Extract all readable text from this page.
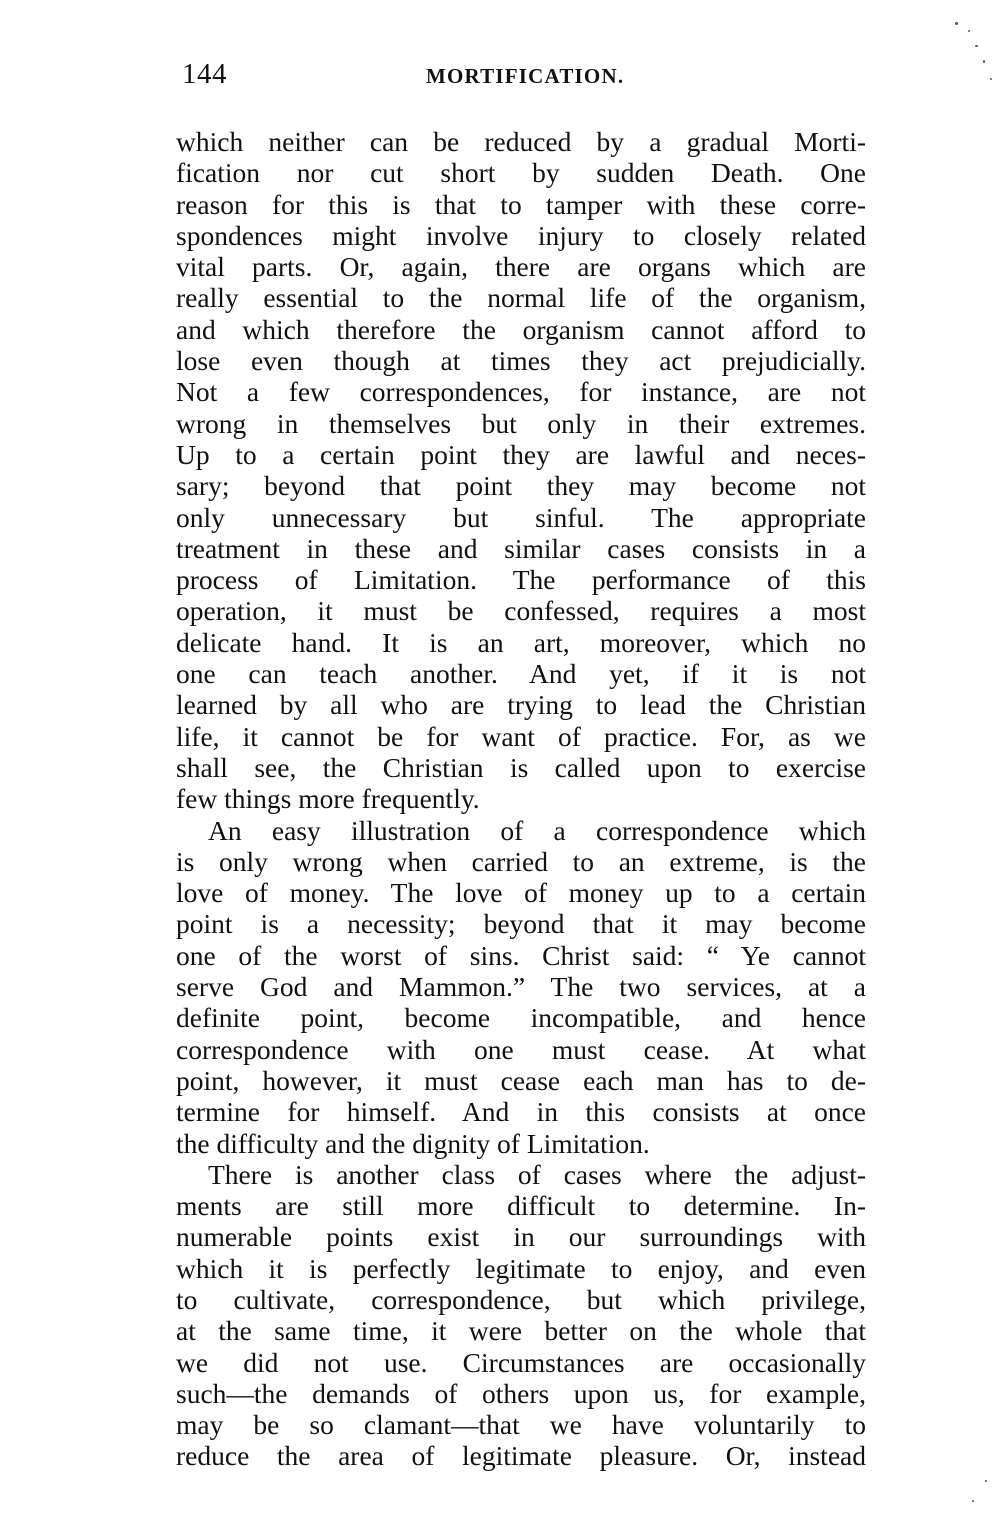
144	MORTIFICATION.
which neither can be reduced by a gradual Morti-
fication nor cut short by sudden Death. One
reason for this is that to tamper with these corre-
spondences might involve injury to closely related
vital parts. Or, again, there are organs which are
really essential to the normal life of the organism,
and which therefore the organism cannot afford to
lose even though at times they act prejudicially.
Not a few correspondences, for instance, are not
wrong in themselves but only in their extremes.
Up to a certain point they are lawful and neces-
sary; beyond that point they may become not
only unnecessary but sinful. The appropriate
treatment in these and similar cases consists in a
process of Limitation. The performance of this
operation, it must be confessed, requires a most
delicate hand. It is an art, moreover, which no
one can teach another. And yet, if it is not
learned by all who are trying to lead the Christian
life, it cannot be for want of practice. For, as we
shall see, the Christian is called upon to exercise
few things more frequently.
An easy illustration of a correspondence which
is only wrong when carried to an extreme, is the
love of money. The love of money up to a certain
point is a necessity; beyond that it may become
one of the worst of sins. Christ said: “ Ye cannot
serve God and Mammon.” The two services, at a
definite point, become incompatible, and hence
correspondence with one must cease. At what
point, however, it must cease each man has to de-
termine for himself. And in this consists at once
the difficulty and the dignity of Limitation.
There is another class of cases where the adjust-
ments are still more difficult to determine. In-
numerable points exist in our surroundings with
which it is perfectly legitimate to enjoy, and even
to cultivate, correspondence, but which privilege,
at the same time, it were better on the whole that
we did not use. Circumstances are occasionally
such—the demands of others upon us, for example,
may be so clamant—that we have voluntarily to
reduce the area of legitimate pleasure. Or, instead
